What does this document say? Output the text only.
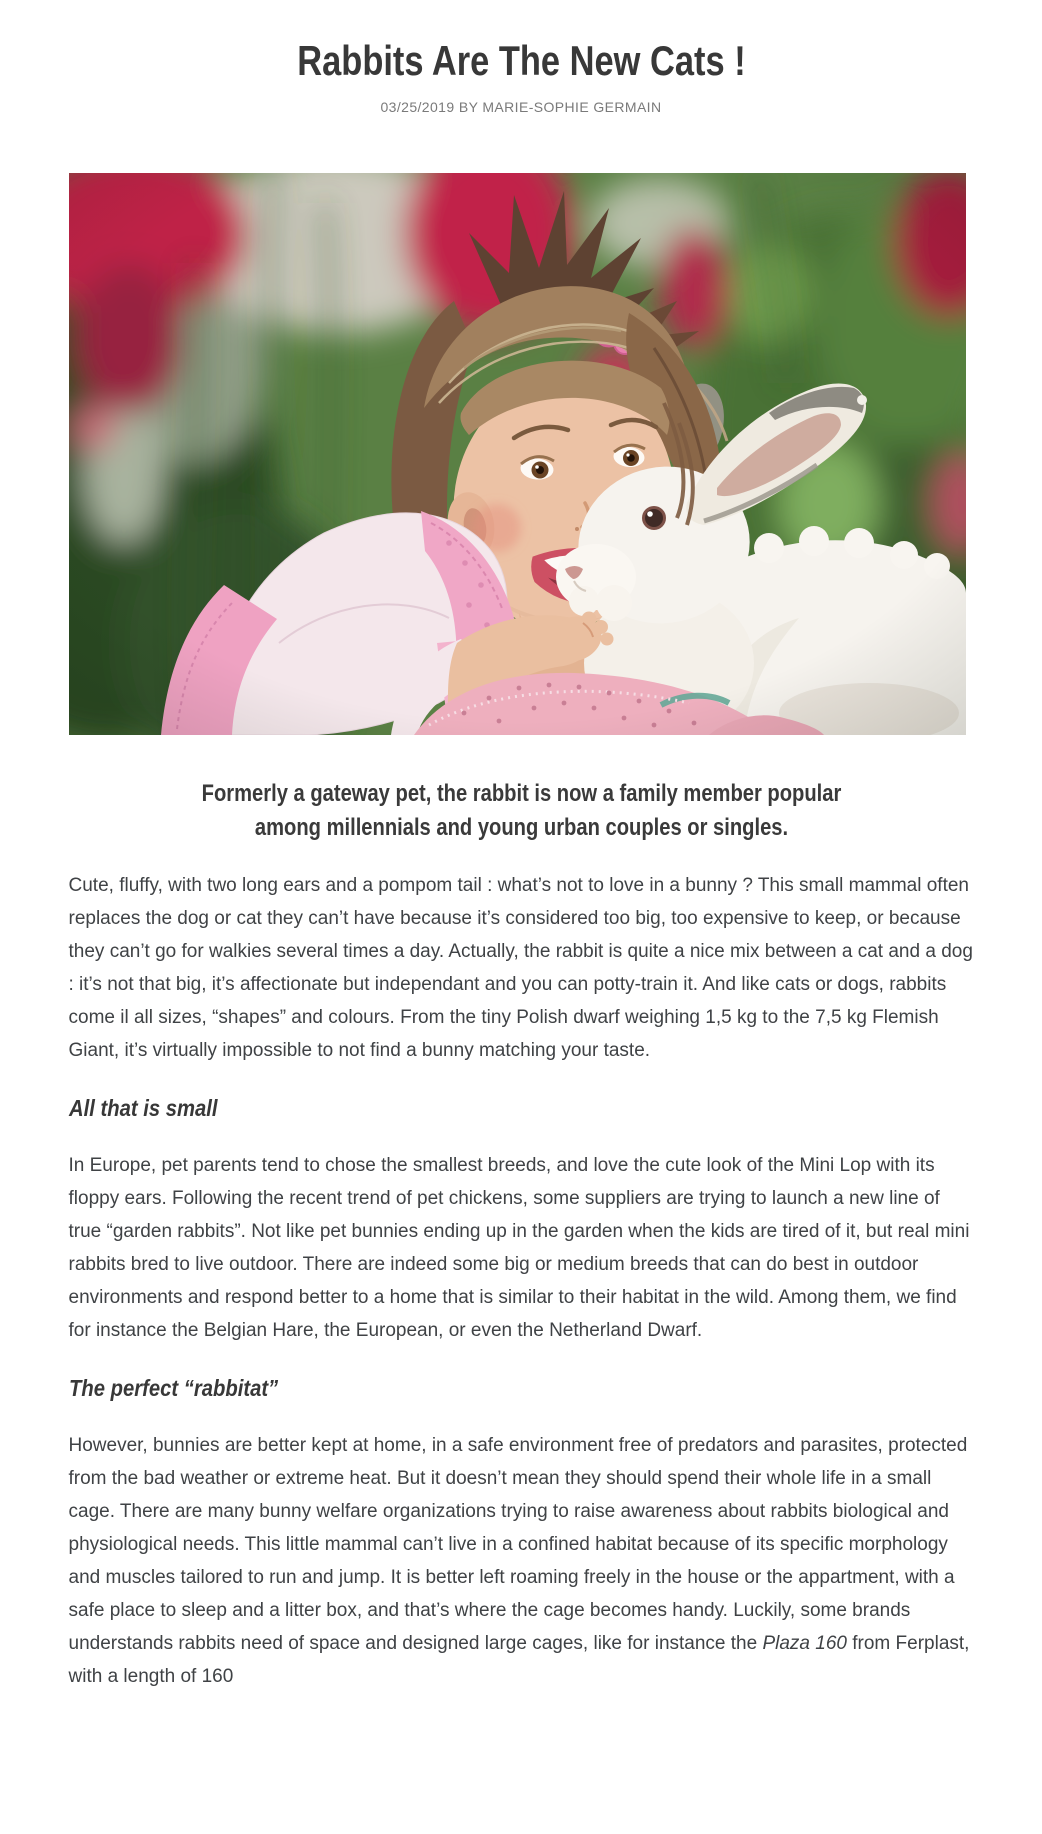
Rabbits Are The New Cats !
03/25/2019 BY MARIE-SOPHIE GERMAIN
Formerly a gateway pet, the rabbit is now a family member popular
among millennials and young urban couples or singles.

Cute, fluffy, with two long ears and a pompom tail : what’s not to love in a bunny ? This small mammal often replaces the dog or cat they can’t have because it’s considered too big, too expensive to keep, or because they can’t go for walkies several times a day. Actually, the rabbit is quite a nice mix between a cat and a dog : it’s not that big, it’s affectionate but independant and you can potty-train it. And like cats or dogs, rabbits come il all sizes, “shapes” and colours. From the tiny Polish dwarf weighing 1,5 kg to the 7,5 kg Flemish Giant, it’s virtually impossible to not find a bunny matching your taste.

All that is small

In Europe, pet parents tend to chose the smallest breeds, and love the cute look of the Mini Lop with its floppy ears. Following the recent trend of pet chickens, some suppliers are trying to launch a new line of true “garden rabbits”. Not like pet bunnies ending up in the garden when the kids are tired of it, but real mini rabbits bred to live outdoor. There are indeed some big or medium breeds that can do best in outdoor environments and respond better to a home that is similar to their habitat in the wild. Among them, we find for instance the Belgian Hare, the European, or even the Netherland Dwarf.

The perfect “rabbitat”

However, bunnies are better kept at home, in a safe environment free of predators and parasites, protected from the bad weather or extreme heat. But it doesn’t mean they should spend their whole life in a small cage. There are many bunny welfare organizations trying to raise awareness about rabbits biological and physiological needs. This little mammal can’t live in a confined habitat because of its specific morphology and muscles tailored to run and jump. It is better left roaming freely in the house or the appartment, with a safe place to sleep and a litter box, and that’s where the cage becomes handy. Luckily, some brands understands rabbits need of space and designed large cages, like for instance the Plaza 160 from Ferplast, with a length of 160
